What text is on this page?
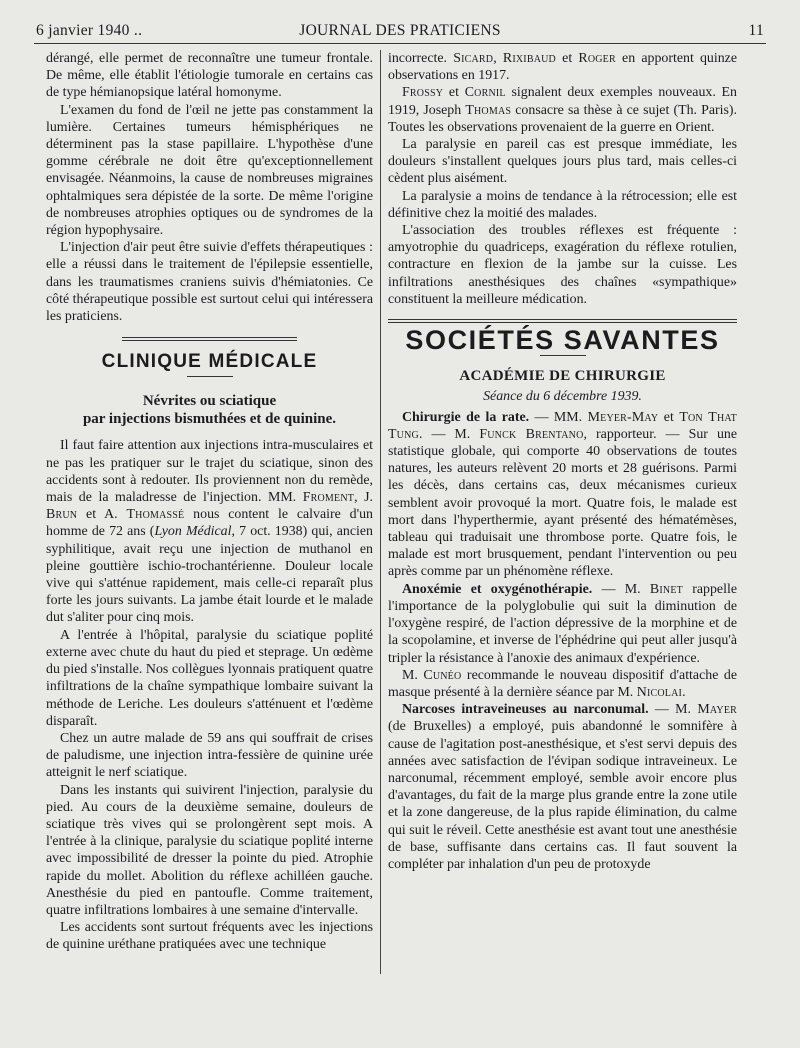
6 janvier 1940 ..	JOURNAL DES PRATICIENS	11

dérangé, elle permet de reconnaître une tumeur frontale. De même, elle établit l'étiologie tumorale en certains cas de type hémianopsique latéral homonyme.

L'examen du fond de l'œil ne jette pas constamment la lumière. Certaines tumeurs hémisphériques ne déterminent pas la stase papillaire. L'hypothèse d'une gomme cérébrale ne doit être qu'exceptionnellement envisagée. Néanmoins, la cause de nombreuses migraines ophtalmiques sera dépistée de la sorte. De même l'origine de nombreuses atrophies optiques ou de syndromes de la région hypophysaire.

L'injection d'air peut être suivie d'effets thérapeutiques : elle a réussi dans le traitement de l'épilepsie essentielle, dans les traumatismes craniens suivis d'hémiatonies. Ce côté thérapeutique possible est surtout celui qui intéressera les praticiens.

CLINIQUE MÉDICALE
Névrites ou sciatique
par injections bismuthées et de quinine.

Il faut faire attention aux injections intra-musculaires et ne pas les pratiquer sur le trajet du sciatique, sinon des accidents sont à redouter. Ils proviennent non du remède, mais de la maladresse de l'injection. MM. Froment, J. Brun et A. Thomassé nous content le calvaire d'un homme de 72 ans (Lyon Médical, 7 oct. 1938) qui, ancien syphilitique, avait reçu une injection de muthanol en pleine gouttière ischio-trochantérienne. Douleur locale vive qui s'atténue rapidement, mais celle-ci reparaît plus forte les jours suivants. La jambe était lourde et le malade dut s'aliter pour cinq mois.

A l'entrée à l'hôpital, paralysie du sciatique poplité externe avec chute du haut du pied et steprage. Un œdème du pied s'installe. Nos collègues lyonnais pratiquent quatre infiltrations de la chaîne sympathique lombaire suivant la méthode de Leriche. Les douleurs s'atténuent et l'œdème disparaît.

Chez un autre malade de 59 ans qui souffrait de crises de paludisme, une injection intra-fessière de quinine urée atteignit le nerf sciatique.

Dans les instants qui suivirent l'injection, paralysie du pied. Au cours de la deuxième semaine, douleurs de sciatique très vives qui se prolongèrent sept mois. A l'entrée à la clinique, paralysie du sciatique poplité interne avec impossibilité de dresser la pointe du pied. Atrophie rapide du mollet. Abolition du réflexe achilléen gauche. Anesthésie du pied en pantoufle. Comme traitement, quatre infiltrations lombaires à une semaine d'intervalle.

Les accidents sont surtout fréquents avec les injections de quinine uréthane pratiquées avec une technique

incorrecte. Sicard, Rixibaud et Roger en apportent quinze observations en 1917.

Frossy et Cornil signalent deux exemples nouveaux. En 1919, Joseph Thomas consacre sa thèse à ce sujet (Th. Paris). Toutes les observations provenaient de la guerre en Orient.

La paralysie en pareil cas est presque immédiate, les douleurs s'installent quelques jours plus tard, mais celles-ci cèdent plus aisément.

La paralysie a moins de tendance à la rétrocession; elle est définitive chez la moitié des malades.

L'association des troubles réflexes est fréquente : amyotrophie du quadriceps, exagération du réflexe rotulien, contracture en flexion de la jambe sur la cuisse. Les infiltrations anesthésiques des chaînes «sympathique» constituent la meilleure médication.

SOCIÉTÉS SAVANTES
ACADÉMIE DE CHIRURGIE
Séance du 6 décembre 1939.

Chirurgie de la rate. — MM. Meyer-May et Ton That Tung. — M. Funck Brentano, rapporteur. — Sur une statistique globale, qui comporte 40 observations de toutes natures, les auteurs relèvent 20 morts et 28 guérisons. Parmi les décès, dans certains cas, deux mécanismes curieux semblent avoir provoqué la mort. Quatre fois, le malade est mort dans l'hyperthermie, ayant présenté des hématémèses, tableau qui traduisait une thrombose porte. Quatre fois, le malade est mort brusquement, pendant l'intervention ou peu après comme par un phénomène réflexe.

Anoxémie et oxygénothérapie. — M. Binet rappelle l'importance de la polyglobulie qui suit la diminution de l'oxygène respiré, de l'action dépressive de la morphine et de la scopolamine, et inverse de l'éphédrine qui peut aller jusqu'à tripler la résistance à l'anoxie des animaux d'expérience.

M. Cunéo recommande le nouveau dispositif d'attache de masque présenté à la dernière séance par M. Nicolai.

Narcoses intraveineuses au narconumal. — M. Mayer (de Bruxelles) a employé, puis abandonné le somnifère à cause de l'agitation post-anesthésique, et s'est servi depuis des années avec satisfaction de l'évipan sodique intraveineux. Le narconumal, récemment employé, semble avoir encore plus d'avantages, du fait de la marge plus grande entre la zone utile et la zone dangereuse, de la plus rapide élimination, du calme qui suit le réveil. Cette anesthésie est avant tout une anesthésie de base, suffisante dans certains cas. Il faut souvent la compléter par inhalation d'un peu de protoxyde
